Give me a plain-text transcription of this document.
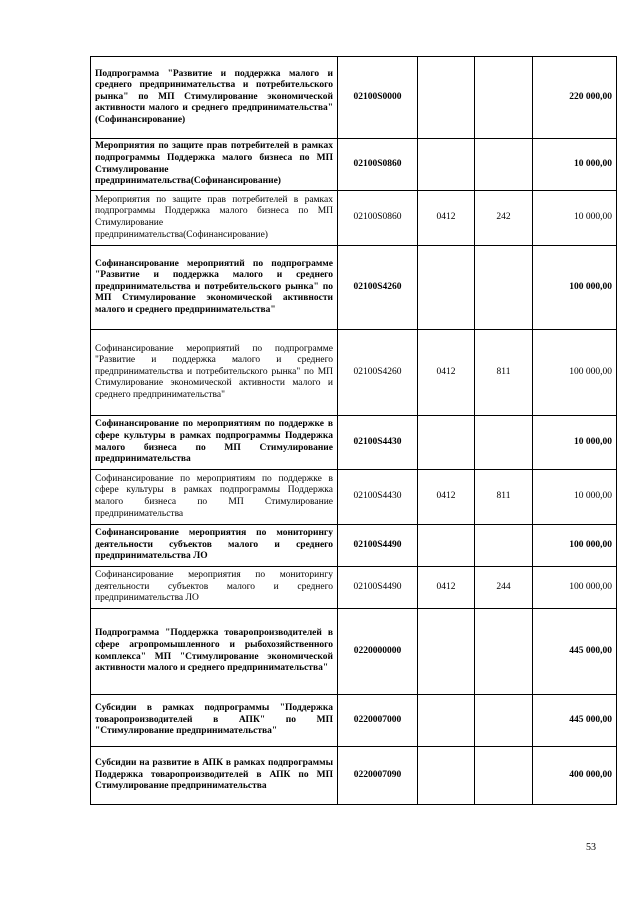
Подпрограмма "Развитие и поддержка малого и среднего предпринимательства и потребительского рынка" по МП Стимулирование экономической активности малого и среднего предпринимательства" (Софинансирование)	02100S0000			220 000,00
Мероприятия по защите прав потребителей в рамках подпрограммы Поддержка малого бизнеса по МП Стимулирование предпринимательства(Софинансирование)	02100S0860			10 000,00
Мероприятия по защите прав потребителей в рамках подпрограммы Поддержка малого бизнеса по МП Стимулирование предпринимательства(Софинансирование)	02100S0860	0412	242	10 000,00
Софинансирование мероприятий по подпрограмме "Развитие и поддержка малого и среднего предпринимательства и потребительского рынка" по МП Стимулирование экономической активности малого и среднего предпринимательства"	02100S4260			100 000,00
Софинансирование мероприятий по подпрограмме "Развитие и поддержка малого и среднего предпринимательства и потребительского рынка" по МП Стимулирование экономической активности малого и среднего предпринимательства"	02100S4260	0412	811	100 000,00
Софинансирование по мероприятиям по поддержке в сфере культуры в рамках подпрограммы Поддержка малого бизнеса по МП Стимулирование предпринимательства	02100S4430			10 000,00
Софинансирование по мероприятиям по поддержке в сфере культуры в рамках подпрограммы Поддержка малого бизнеса по МП Стимулирование предпринимательства	02100S4430	0412	811	10 000,00
Софинансирование мероприятия по мониторингу деятельности субъектов малого и среднего предпринимательства ЛО	02100S4490			100 000,00
Софинансирование мероприятия по мониторингу деятельности субъектов малого и среднего предпринимательства ЛО	02100S4490	0412	244	100 000,00
Подпрограмма "Поддержка товаропроизводителей в сфере агропромышленного и рыбохозяйственного комплекса" МП "Стимулирование экономической активности малого и среднего предпринимательства"	0220000000			445 000,00
Субсидии в рамках подпрограммы "Поддержка товаропроизводителей в АПК" по МП "Стимулирование предпринимательства"	0220007000			445 000,00
Субсидии на развитие в АПК в рамках подпрограммы Поддержка товаропроизводителей в АПК по МП Стимулирование предпринимательства	0220007090			400 000,00
53
